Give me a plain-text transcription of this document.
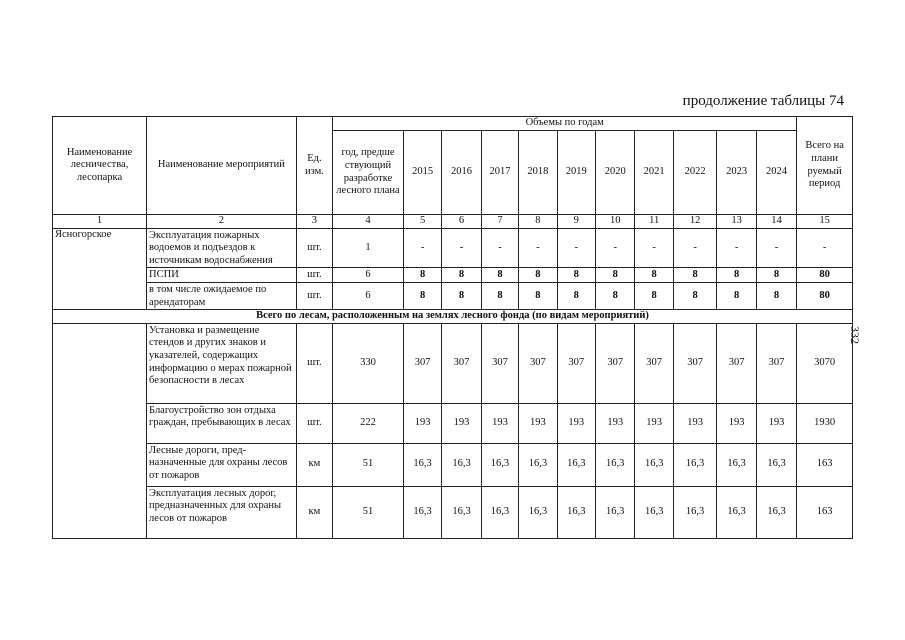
продолжение таблицы 74
332
Наименование лесничества, лесопарка	Наименование мероприятий	Ед. изм.	Объемы по годам											Всего на плани руемый период
			год, предше ствующий разработке лесного плана	2015	2016	2017	2018	2019	2020	2021	2022	2023	2024	
1	2	3	4	5	6	7	8	9	10	11	12	13	14	15
Ясногорское	Эксплуатация пожарных водоемов и подъездов к источникам водоснабжения	шт.	1	-	-	-	-	-	-	-	-	-	-	-
	ПСПИ	шт.	6	8	8	8	8	8	8	8	8	8	8	80
	в том числе ожидаемое по арендаторам	шт.	6	8	8	8	8	8	8	8	8	8	8	80
Всего по лесам, расположенным на землях лесного фонда (по видам мероприятий)														
	Установка и размещение стендов и других знаков и указателей, содержащих информацию о мерах пожарной безопасности в лесах	шт.	330	307	307	307	307	307	307	307	307	307	307	3070
	Благоустройство зон отдыха граждан, пребывающих в лесах	шт.	222	193	193	193	193	193	193	193	193	193	193	1930
	Лесные дороги, пред- назначенные для охраны лесов от пожаров	км	51	16,3	16,3	16,3	16,3	16,3	16,3	16,3	16,3	16,3	16,3	163
	Эксплуатация лесных дорог, предназначенных для охраны лесов от пожаров	км	51	16,3	16,3	16,3	16,3	16,3	16,3	16,3	16,3	16,3	16,3	163
